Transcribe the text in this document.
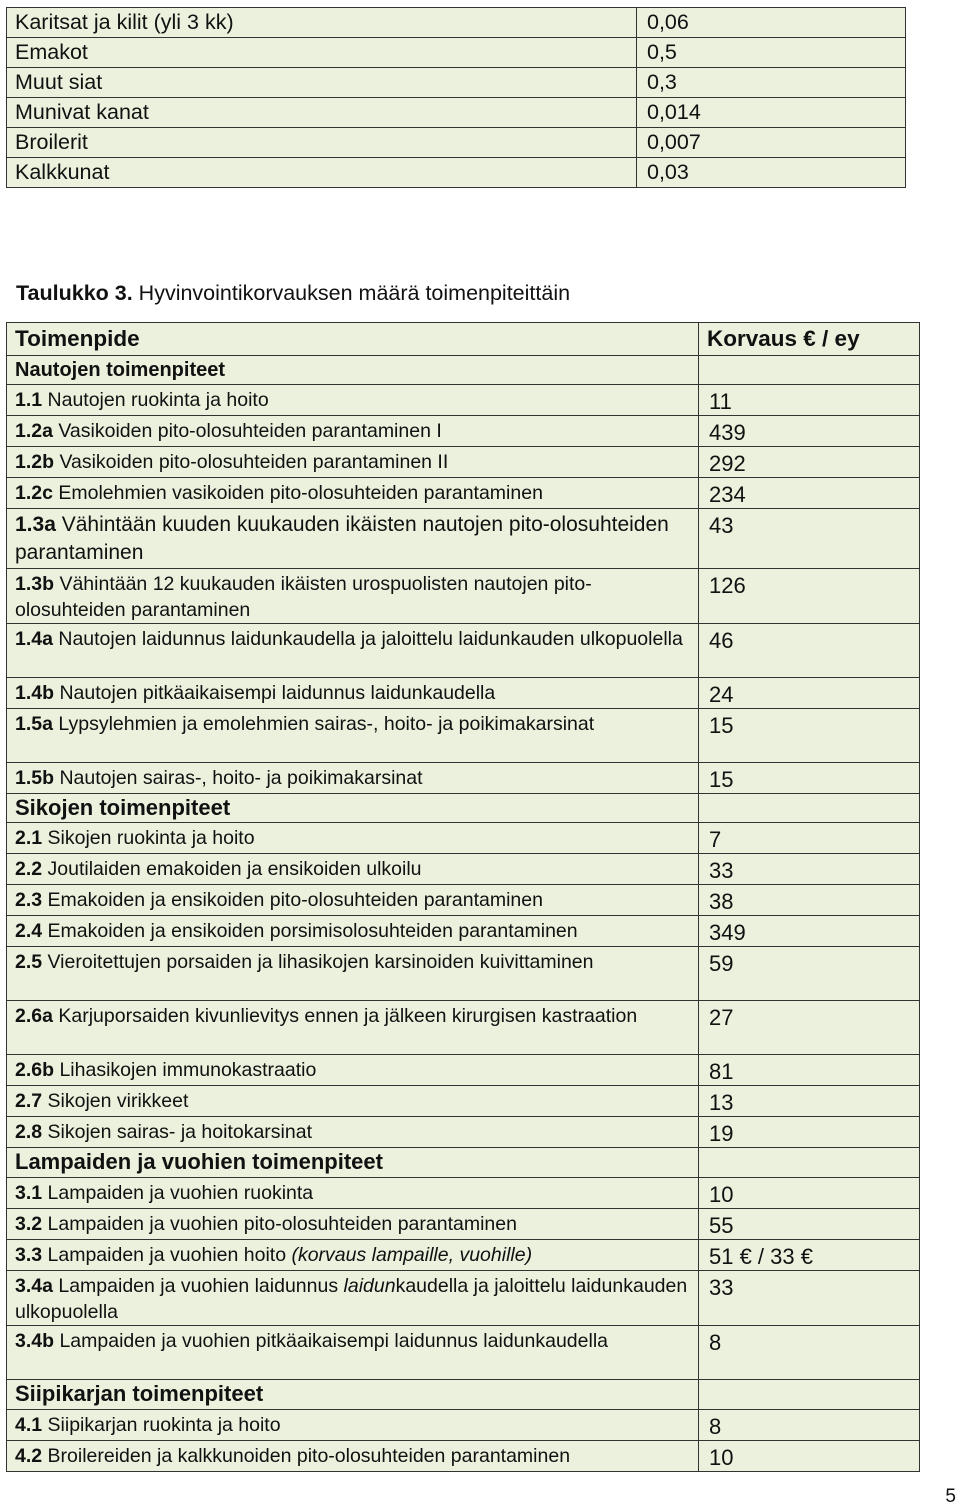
Karitsat ja kilit (yli 3 kk)	0,06
Emakot	0,5
Muut siat	0,3
Munivat kanat	0,014
Broilerit	0,007
Kalkkunat	0,03
Taulukko 3. Hyvinvointikorvauksen määrä toimenpiteittäin
Toimenpide	Korvaus € / ey
Nautojen toimenpiteet	
1.1 Nautojen ruokinta ja hoito	11
1.2a Vasikoiden pito-olosuhteiden parantaminen I	439
1.2b Vasikoiden pito-olosuhteiden parantaminen II	292
1.2c Emolehmien vasikoiden pito-olosuhteiden parantaminen	234
1.3a Vähintään kuuden kuukauden ikäisten nautojen pito-olosuhteiden parantaminen	43
1.3b Vähintään 12 kuukauden ikäisten urospuolisten nautojen pito-olosuhteiden parantaminen	126
1.4a Nautojen laidunnus laidunkaudella ja jaloittelu laidunkauden ulkopuolella	46
1.4b Nautojen pitkäaikaisempi laidunnus laidunkaudella	24
1.5a Lypsylehmien ja emolehmien sairas-, hoito- ja poikimakarsinat	15
1.5b Nautojen sairas-, hoito- ja poikimakarsinat	15
Sikojen toimenpiteet	
2.1 Sikojen ruokinta ja hoito	7
2.2 Joutilaiden emakoiden ja ensikoiden ulkoilu	33
2.3 Emakoiden ja ensikoiden pito-olosuhteiden parantaminen	38
2.4 Emakoiden ja ensikoiden porsimisolosuhteiden parantaminen	349
2.5 Vieroitettujen porsaiden ja lihasikojen karsinoiden kuivittaminen	59
2.6a Karjuporsaiden kivunlievitys ennen ja jälkeen kirurgisen kastraation	27
2.6b Lihasikojen immunokastraatio	81
2.7 Sikojen virikkeet	13
2.8 Sikojen sairas- ja hoitokarsinat	19
Lampaiden ja vuohien toimenpiteet	
3.1 Lampaiden ja vuohien ruokinta	10
3.2 Lampaiden ja vuohien pito-olosuhteiden parantaminen	55
3.3 Lampaiden ja vuohien hoito (korvaus lampaille, vuohille)	51 € / 33 €
3.4a Lampaiden ja vuohien laidunnus laidunkaudella ja jaloittelu laidunkauden ulkopuolella	33
3.4b Lampaiden ja vuohien pitkäaikaisempi laidunnus laidunkaudella	8
Siipikarjan toimenpiteet	
4.1 Siipikarjan ruokinta ja hoito	8
4.2 Broilereiden ja kalkkunoiden pito-olosuhteiden parantaminen	10
5
